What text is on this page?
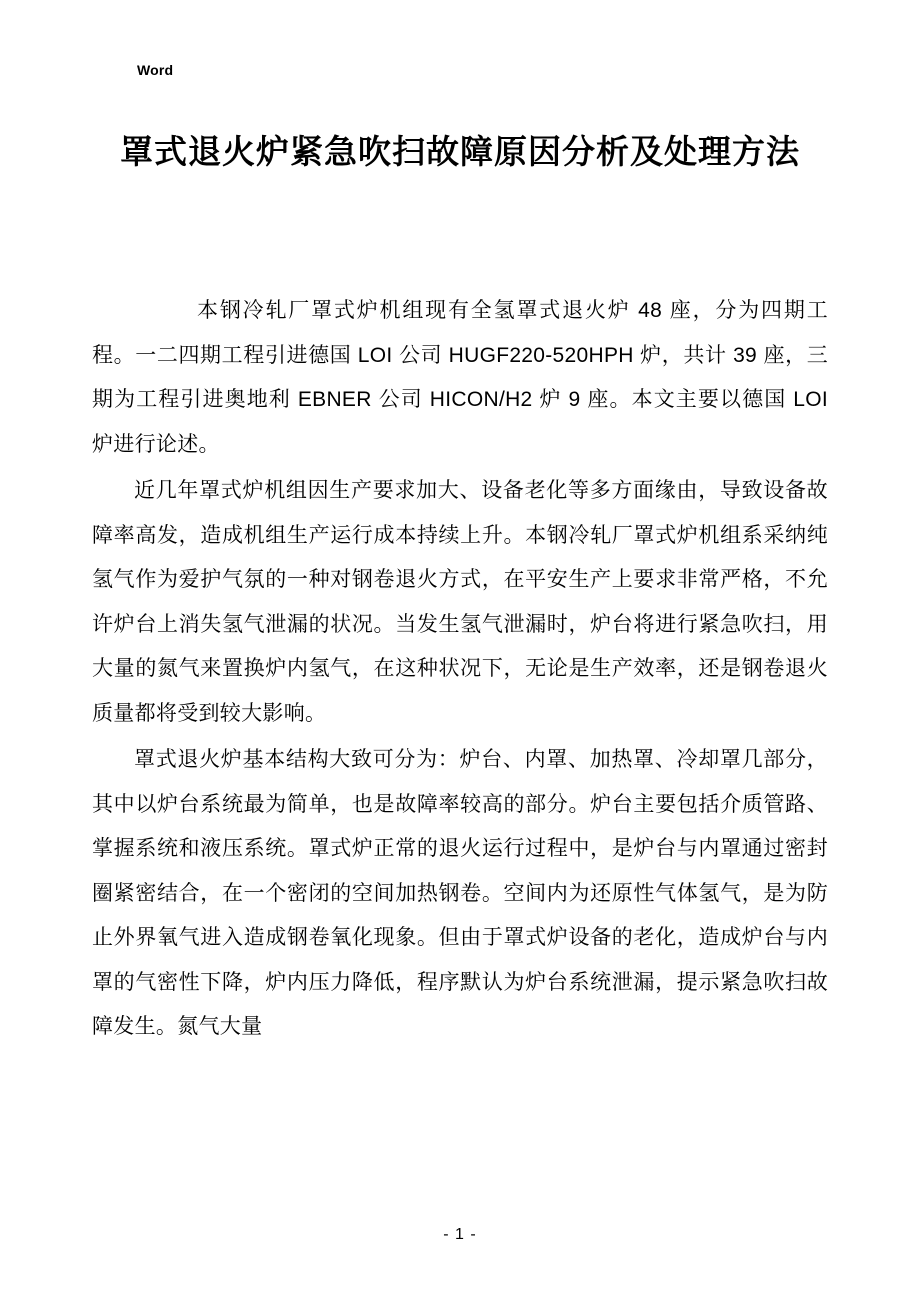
Word
罩式退火炉紧急吹扫故障原因分析及处理方法

本钢冷轧厂罩式炉机组现有全氢罩式退火炉 48 座，分为四期工程。一二四期工程引进德国 LOI 公司 HUGF220-520HPH 炉，共计 39 座，三期为工程引进奥地利 EBNER 公司 HICON/H2 炉 9 座。本文主要以德国 LOI 炉进行论述。

近几年罩式炉机组因生产要求加大、设备老化等多方面缘由，导致设备故障率高发，造成机组生产运行成本持续上升。本钢冷轧厂罩式炉机组系采纳纯氢气作为爱护气氛的一种对钢卷退火方式，在平安生产上要求非常严格，不允许炉台上消失氢气泄漏的状况。当发生氢气泄漏时，炉台将进行紧急吹扫，用大量的氮气来置换炉内氢气，在这种状况下，无论是生产效率，还是钢卷退火质量都将受到较大影响。

罩式退火炉基本结构大致可分为：炉台、内罩、加热罩、冷却罩几部分，其中以炉台系统最为简单，也是故障率较高的部分。炉台主要包括介质管路、掌握系统和液压系统。罩式炉正常的退火运行过程中，是炉台与内罩通过密封圈紧密结合，在一个密闭的空间加热钢卷。空间内为还原性气体氢气，是为防止外界氧气进入造成钢卷氧化现象。但由于罩式炉设备的老化，造成炉台与内罩的气密性下降，炉内压力降低，程序默认为炉台系统泄漏，提示紧急吹扫故障发生。氮气大量

- 1 -
